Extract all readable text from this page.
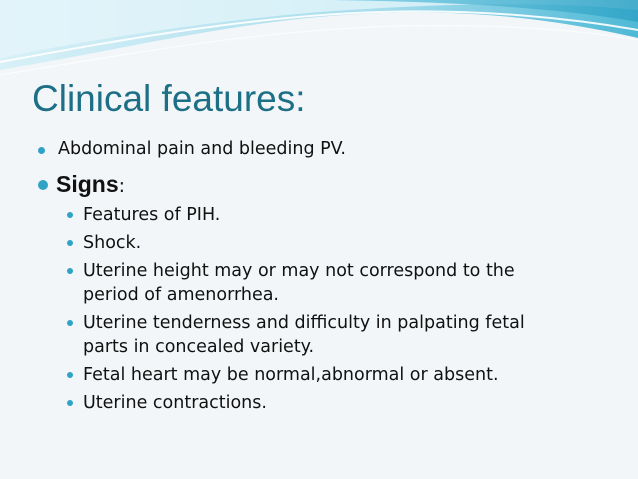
Clinical features:
Abdominal pain and bleeding PV.
Signs:
Features of PIH.
Shock.
Uterine height may or may not correspond to the
period of amenorrhea.
Uterine tenderness and difficulty in palpating fetal
parts in concealed variety.
Fetal heart may be normal,abnormal or absent.
Uterine contractions.
